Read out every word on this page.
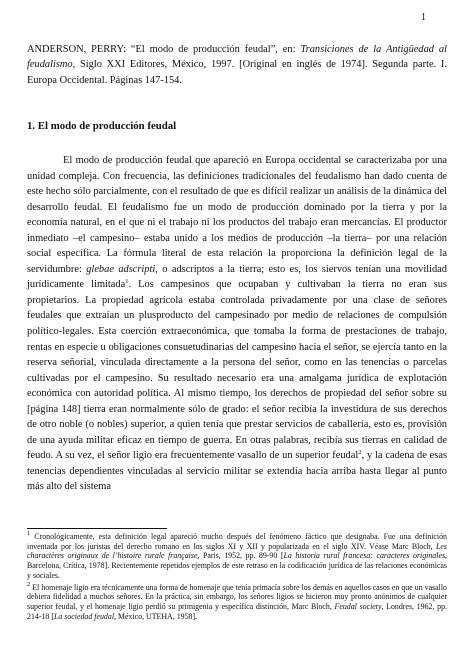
1
ANDERSON, PERRY: “El modo de producción feudal”, en: Transiciones de la Antigüedad al feudalismo, Siglo XXI Editores, México, 1997. [Original en inglés de 1974]. Segunda parte. I. Europa Occidental. Páginas 147-154.
1. El modo de producción feudal

El modo de producción feudal que apareció en Europa occidental se caracterizaba por una unidad compleja. Con frecuencia, las definiciones tradicionales del feudalismo han dado cuenta de este hecho sólo parcialmente, con el resultado de que es difícil realizar un análisis de la dinámica del desarrollo feudal. El feudalismo fue un modo de producción dominado por la tierra y por la economía natural, en el que ni el trabajo ni los productos del trabajo eran mercancías. El productor inmediato –el campesino– estaba unido a los medios de producción –la tierra– por una relación social específica. La fórmula literal de esta relación la proporciona la definición legal de la servidumbre: glebae adscripti, o adscriptos a la tierra; esto es, los siervos tenían una movilidad jurídicamente limitada$^1$. Los campesinos que ocupaban y cultivaban la tierra no eran sus propietarios. La propiedad agrícola estaba controlada privadamente por una clase de señores feudales que extraían un plusproducto del campesinado por medio de relaciones de compulsión político-legales. Esta coerción extraeconómica, que tomaba la forma de prestaciones de trabajo, rentas en especie u obligaciones consuetudinarias del campesino hacia el señor, se ejercía tanto en la reserva señorial, vinculada directamente a la persona del señor, como en las tenencias o parcelas cultivadas por el campesino. Su resultado necesario era una amalgama jurídica de explotación económica con autoridad política. Al mismo tiempo, los derechos de propiedad del señor sobre su [página 148] tierra eran normalmente sólo de grado: el señor recibía la investidura de sus derechos de otro noble (o nobles) superior, a quien tenía que prestar servicios de caballería, esto es, provisión de una ayuda militar eficaz en tiempo de guerra. En otras palabras, recibía sus tierras en calidad de feudo. A su vez, el señor ligio era frecuentemente vasallo de un superior feudal$^2$, y la cadena de esas tenencias dependientes vinculadas al servicio militar se extendía hacia arriba hasta llegar al punto más alto del sistema

$^1$ Cronológicamente, esta definición legal apareció mucho después del fenómeno fáctico que designaba. Fue una definición inventada por los juristas del derecho romano en los siglos XI y XII y popularizada en el siglo XIV. Véase Marc Bloch, Les charactères originaux de l’histoire rurale française, Paris, 1952, pp. 89-90 [La historia rural francesa: caracteres originales, Barcelona, Crítica, 1978]. Recientemente repetidos ejemplos de este retraso en la codificación jurídica de las relaciones económicas y sociales.

$^2$ El homenaje ligio era técnicamente una forma de homenaje que tenía primacía sobre los demás en aquellos casos en que un vasallo debiera fidelidad a muchos señores. En la práctica, sin embargo, los señores ligios se hicieron muy pronto anónimos de cualquier superior feudal, y el homenaje ligio perdió su primigenia y específica distinción, Marc Bloch, Feudal society, Londres, 1962, pp. 214-18 [La sociedad feudal, México, UTEHA, 1958].
